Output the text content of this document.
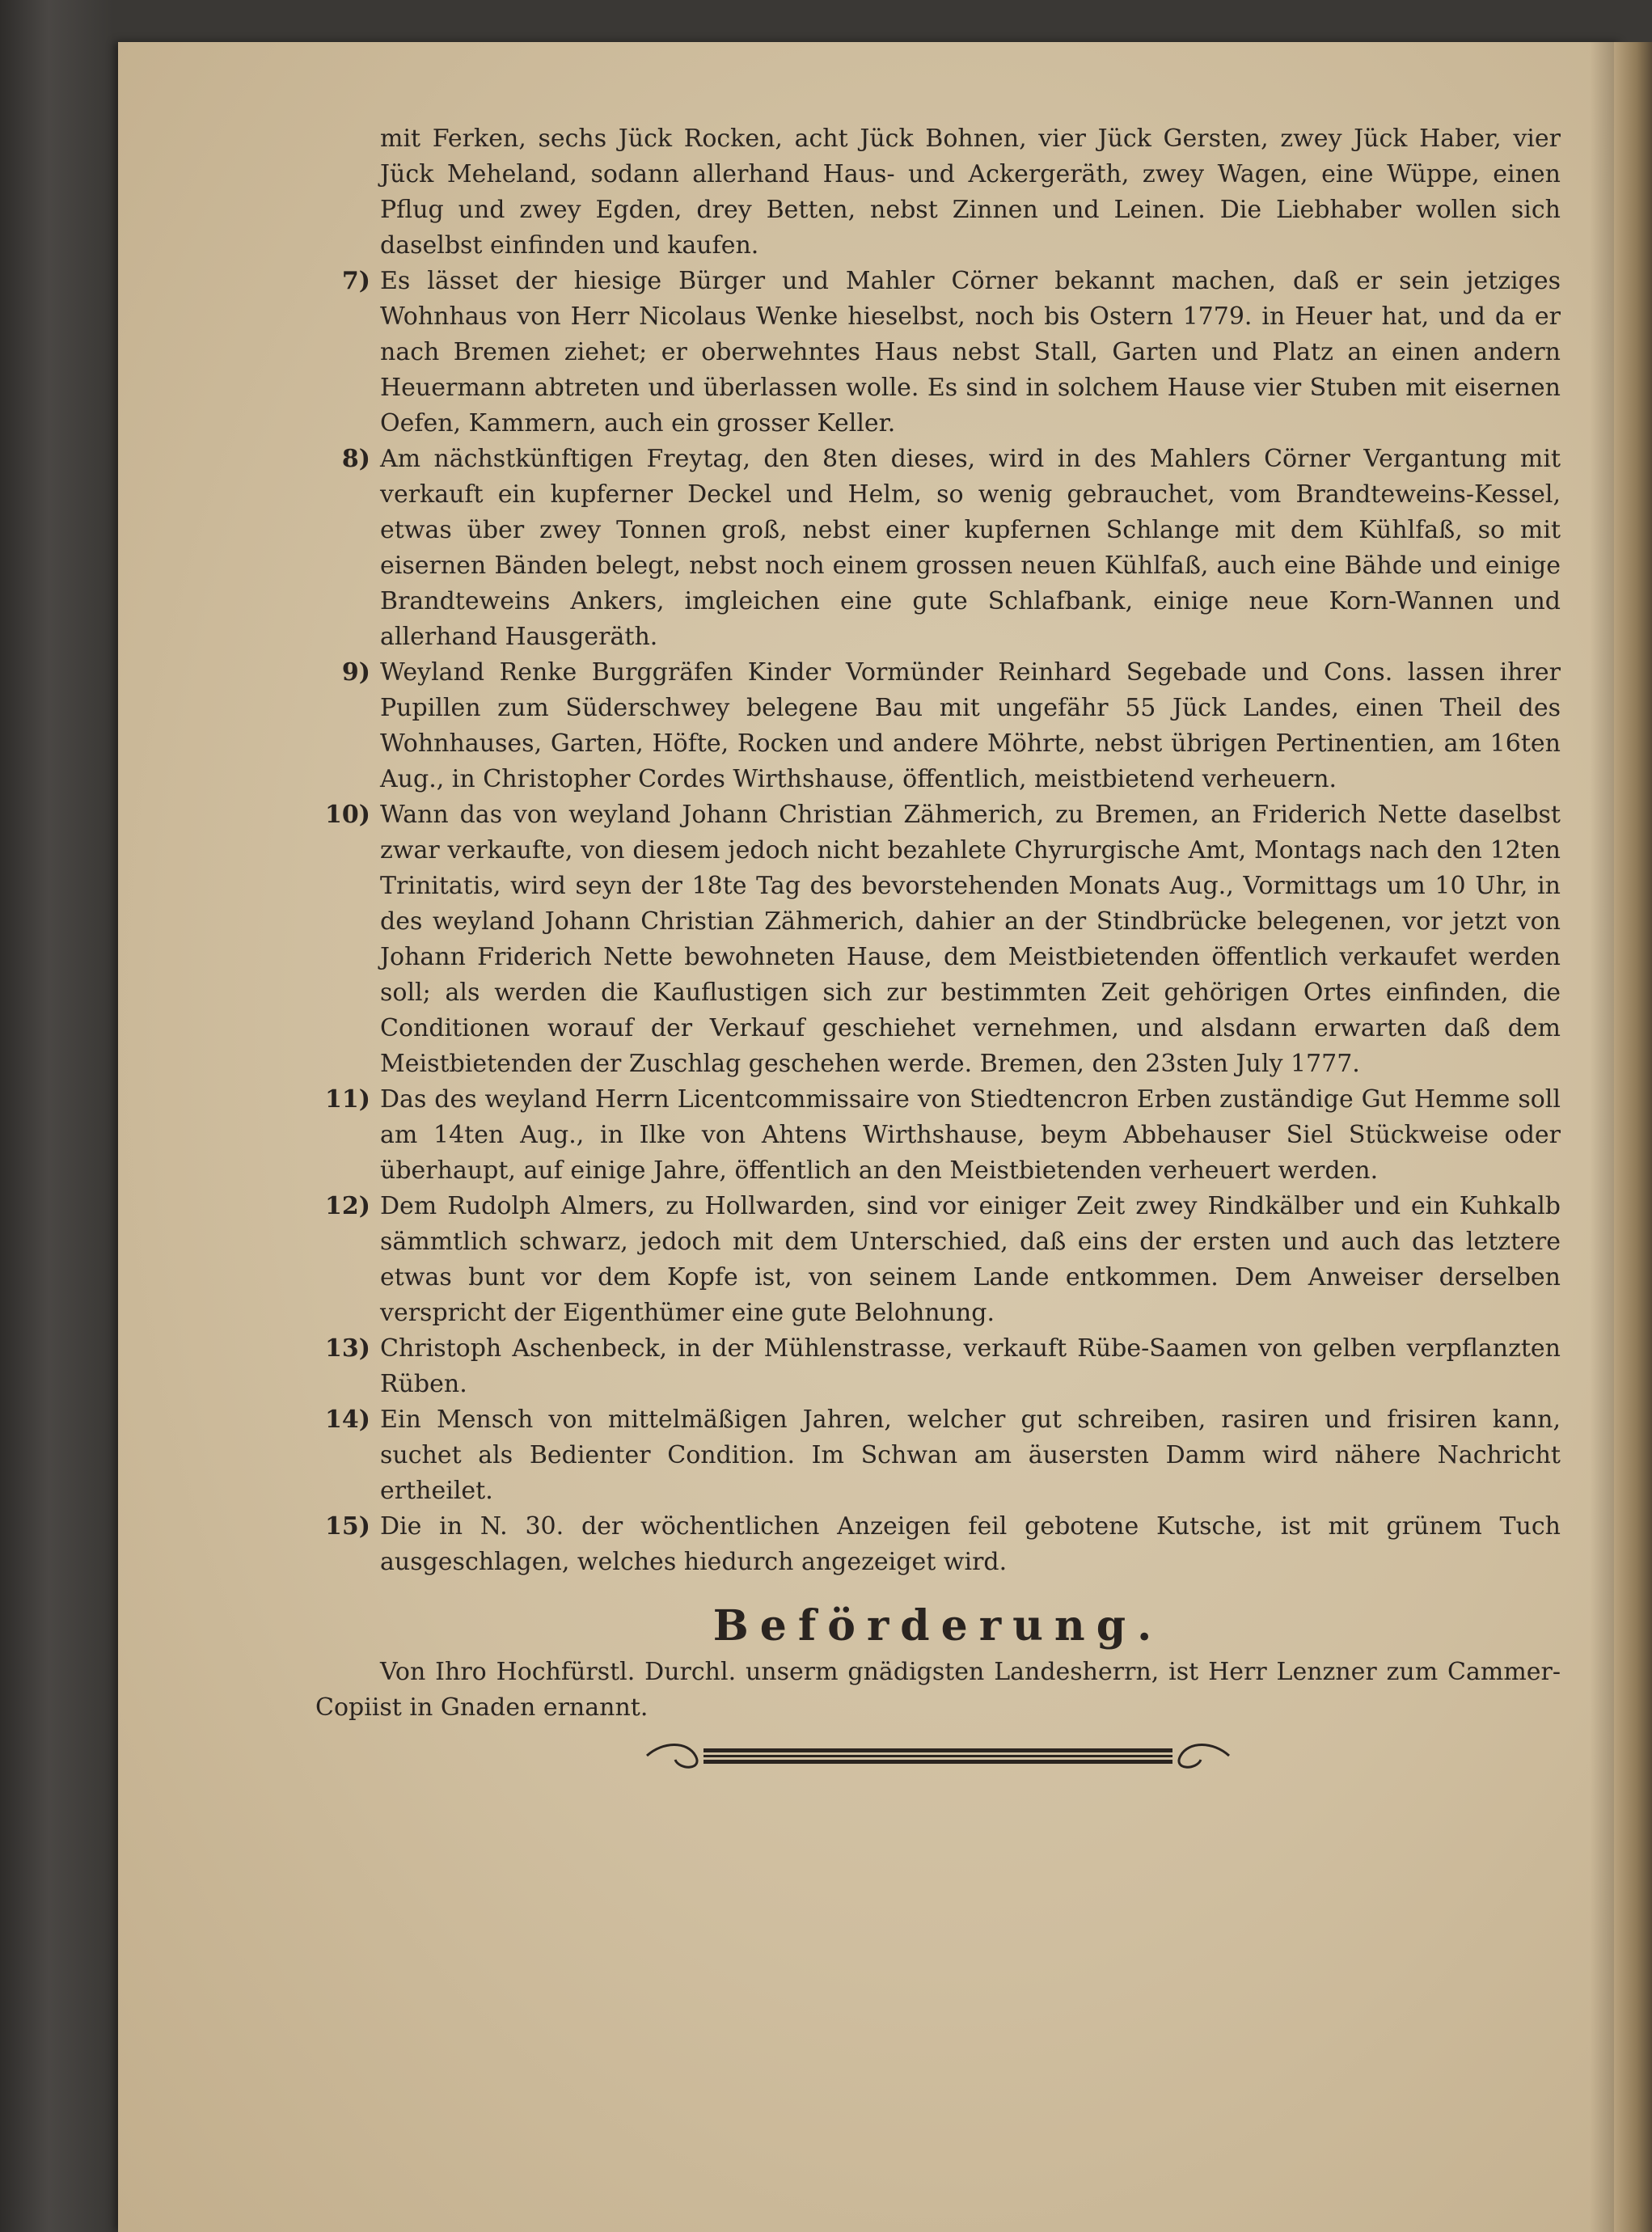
mit Ferken, sechs Jück Rocken, acht Jück Bohnen, vier Jück Gersten, zwey Jück Haber, vier Jück Meheland, sodann allerhand Haus- und Ackergeräth, zwey Wagen, eine Wüppe, einen Pflug und zwey Egden, drey Betten, nebst Zinnen und Leinen. Die Liebhaber wollen sich daselbst einfinden und kaufen.
7) Es lässet der hiesige Bürger und Mahler Cörner bekannt machen, daß er sein jetziges Wohnhaus von Herr Nicolaus Wenke hieselbst, noch bis Ostern 1779. in Heuer hat, und da er nach Bremen ziehet; er oberwehntes Haus nebst Stall, Garten und Platz an einen andern Heuermann abtreten und überlassen wolle. Es sind in solchem Hause vier Stuben mit eisernen Oefen, Kammern, auch ein grosser Keller.
8) Am nächstkünftigen Freytag, den 8ten dieses, wird in des Mahlers Cörner Vergantung mit verkauft ein kupferner Deckel und Helm, so wenig gebrauchet, vom Brandteweins-Kessel, etwas über zwey Tonnen groß, nebst einer kupfernen Schlange mit dem Kühlfaß, so mit eisernen Bänden belegt, nebst noch einem grossen neuen Kühlfaß, auch eine Bähde und einige Brandteweins Ankers, imgleichen eine gute Schlafbank, einige neue Korn-Wannen und allerhand Hausgeräth.
9) Weyland Renke Burggräfen Kinder Vormünder Reinhard Segebade und Cons. lassen ihrer Pupillen zum Süderschwey belegene Bau mit ungefähr 55 Jück Landes, einen Theil des Wohnhauses, Garten, Höfte, Rocken und andere Möhrte, nebst übrigen Pertinentien, am 16ten Aug., in Christopher Cordes Wirthshause, öffentlich, meistbietend verheuern.
10) Wann das von weyland Johann Christian Zähmerich, zu Bremen, an Friderich Nette daselbst zwar verkaufte, von diesem jedoch nicht bezahlete Chyrurgische Amt, Montags nach den 12ten Trinitatis, wird seyn der 18te Tag des bevorstehenden Monats Aug., Vormittags um 10 Uhr, in des weyland Johann Christian Zähmerich, dahier an der Stindbrücke belegenen, vor jetzt von Johann Friderich Nette bewohneten Hause, dem Meistbietenden öffentlich verkaufet werden soll; als werden die Kauflustigen sich zur bestimmten Zeit gehörigen Ortes einfinden, die Conditionen worauf der Verkauf geschiehet vernehmen, und alsdann erwarten daß dem Meistbietenden der Zuschlag geschehen werde. Bremen, den 23sten July 1777.
11) Das des weyland Herrn Licentcommissaire von Stiedtencron Erben zuständige Gut Hemme soll am 14ten Aug., in Ilke von Ahtens Wirthshause, beym Abbehauser Siel Stückweise oder überhaupt, auf einige Jahre, öffentlich an den Meistbietenden verheuert werden.
12) Dem Rudolph Almers, zu Hollwarden, sind vor einiger Zeit zwey Rindkälber und ein Kuhkalb sämmtlich schwarz, jedoch mit dem Unterschied, daß eins der ersten und auch das letztere etwas bunt vor dem Kopfe ist, von seinem Lande entkommen. Dem Anweiser derselben verspricht der Eigenthümer eine gute Belohnung.
13) Christoph Aschenbeck, in der Mühlenstrasse, verkauft Rübe-Saamen von gelben verpflanzten Rüben.
14) Ein Mensch von mittelmäßigen Jahren, welcher gut schreiben, rasiren und frisiren kann, suchet als Bedienter Condition. Im Schwan am äusersten Damm wird nähere Nachricht ertheilet.
15) Die in N. 30. der wöchentlichen Anzeigen feil gebotene Kutsche, ist mit grünem Tuch ausgeschlagen, welches hiedurch angezeiget wird.
Beförderung.
Von Ihro Hochfürstl. Durchl. unserm gnädigsten Landesherrn, ist Herr Lenzner zum Cammer-Copiist in Gnaden ernannt.
